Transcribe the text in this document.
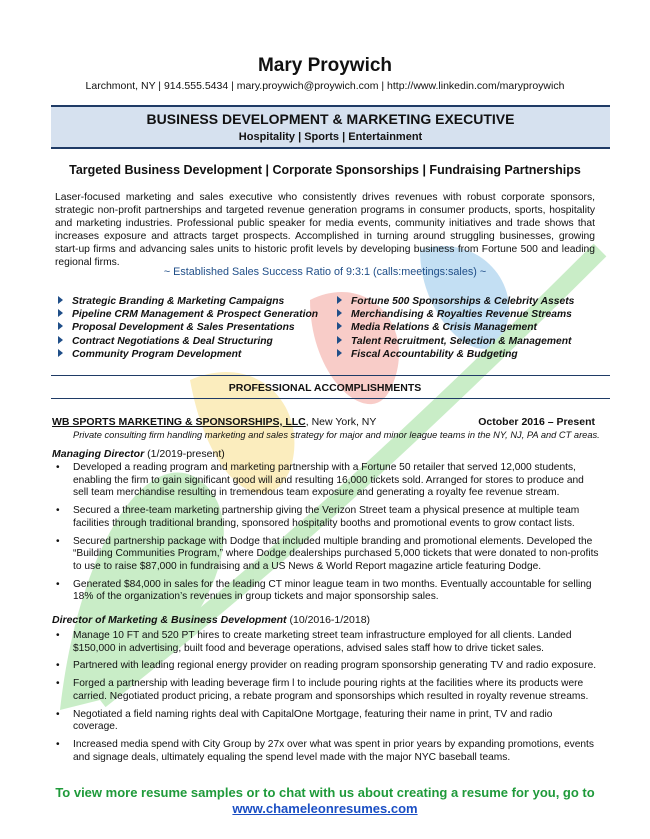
Mary Proywich
Larchmont, NY | 914.555.5434 | mary.proywich@proywich.com | http://www.linkedin.com/maryproywich
BUSINESS DEVELOPMENT & MARKETING EXECUTIVE
Hospitality | Sports | Entertainment
Targeted Business Development | Corporate Sponsorships | Fundraising Partnerships
Laser-focused marketing and sales executive who consistently drives revenues with robust corporate sponsors, strategic non-profit partnerships and targeted revenue generation programs in consumer products, sports, hospitality and marketing industries. Professional public speaker for media events, community initiatives and trade shows that increases exposure and attracts target prospects. Accomplished in turning around struggling businesses, growing start-up firms and advancing sales units to historic profit levels by developing business from Fortune 500 and leading regional firms.
~ Established Sales Success Ratio of 9:3:1 (calls:meetings:sales) ~
Strategic Branding & Marketing Campaigns
Pipeline CRM Management & Prospect Generation
Proposal Development & Sales Presentations
Contract Negotiations & Deal Structuring
Community Program Development
Fortune 500 Sponsorships & Celebrity Assets
Merchandising & Royalties Revenue Streams
Media Relations & Crisis Management
Talent Recruitment, Selection & Management
Fiscal Accountability & Budgeting
PROFESSIONAL ACCOMPLISHMENTS
WB SPORTS MARKETING & SPONSORSHIPS, LLC, New York, NY	October 2016 – Present
Private consulting firm handling marketing and sales strategy for major and minor league teams in the NY, NJ, PA and CT areas.
Managing Director (1/2019-present)
• Developed a reading program and marketing partnership with a Fortune 50 retailer that served 12,000 students, enabling the firm to gain significant good will and resulting 16,000 tickets sold. Arranged for stores to produce and sell team merchandise resulting in tremendous team exposure and generating a royalty fee revenue stream.
• Secured a three-team marketing partnership giving the Verizon Street team a physical presence at multiple team facilities through traditional branding, sponsored hospitality booths and promotional events to grow contact lists.
• Secured partnership package with Dodge that included multiple branding and promotional elements. Developed the “Building Communities Program,” where Dodge dealerships purchased 5,000 tickets that were donated to non-profits to use to raise $87,000 in fundraising and a US News & World Report magazine article featuring Dodge.
• Generated $84,000 in sales for the leading CT minor league team in two months. Eventually accountable for selling 18% of the organization’s revenues in group tickets and major sponsorship sales.
Director of Marketing & Business Development (10/2016-1/2018)
• Manage 10 FT and 520 PT hires to create marketing street team infrastructure employed for all clients. Landed $150,000 in advertising, built food and beverage operations, advised sales staff how to drive ticket sales.
• Partnered with leading regional energy provider on reading program sponsorship generating TV and radio exposure.
• Forged a partnership with leading beverage firm l to include pouring rights at the facilities where its products were carried. Negotiated product pricing, a rebate program and sponsorships which resulted in royalty revenue streams.
• Negotiated a field naming rights deal with CapitalOne Mortgage, featuring their name in print, TV and radio coverage.
• Increased media spend with City Group by 27x over what was spent in prior years by expanding promotions, events and signage deals, ultimately equaling the spend level made with the major NYC baseball teams.
To view more resume samples or to chat with us about creating a resume for you, go to
www.chameleonresumes.com
